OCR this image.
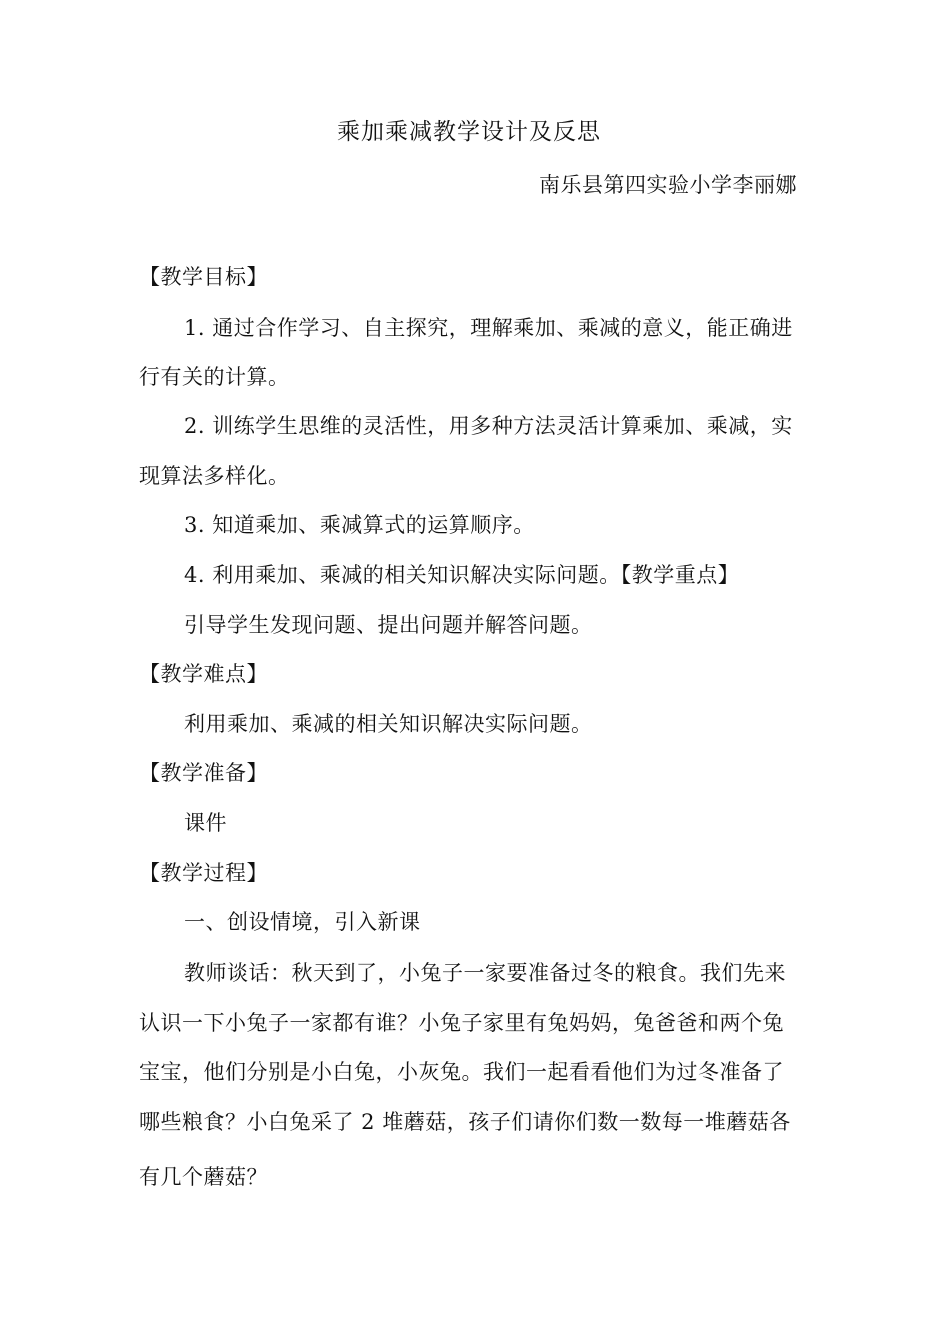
乘加乘减教学设计及反思
南乐县第四实验小学李丽娜
【教学目标】
1. 通过合作学习、自主探究，理解乘加、乘减的意义，能正确进
行有关的计算。
2. 训练学生思维的灵活性，用多种方法灵活计算乘加、乘减，实
现算法多样化。
3. 知道乘加、乘减算式的运算顺序。
4. 利用乘加、乘减的相关知识解决实际问题。【教学重点】
引导学生发现问题、提出问题并解答问题。
【教学难点】
利用乘加、乘减的相关知识解决实际问题。
【教学准备】
课件
【教学过程】
一、创设情境，引入新课
教师谈话：秋天到了，小兔子一家要准备过冬的粮食。我们先来
认识一下小兔子一家都有谁？小兔子家里有兔妈妈，兔爸爸和两个兔
宝宝，他们分别是小白兔，小灰兔。我们一起看看他们为过冬准备了
哪些粮食？小白兔采了 2 堆蘑菇，孩子们请你们数一数每一堆蘑菇各
有几个蘑菇？
